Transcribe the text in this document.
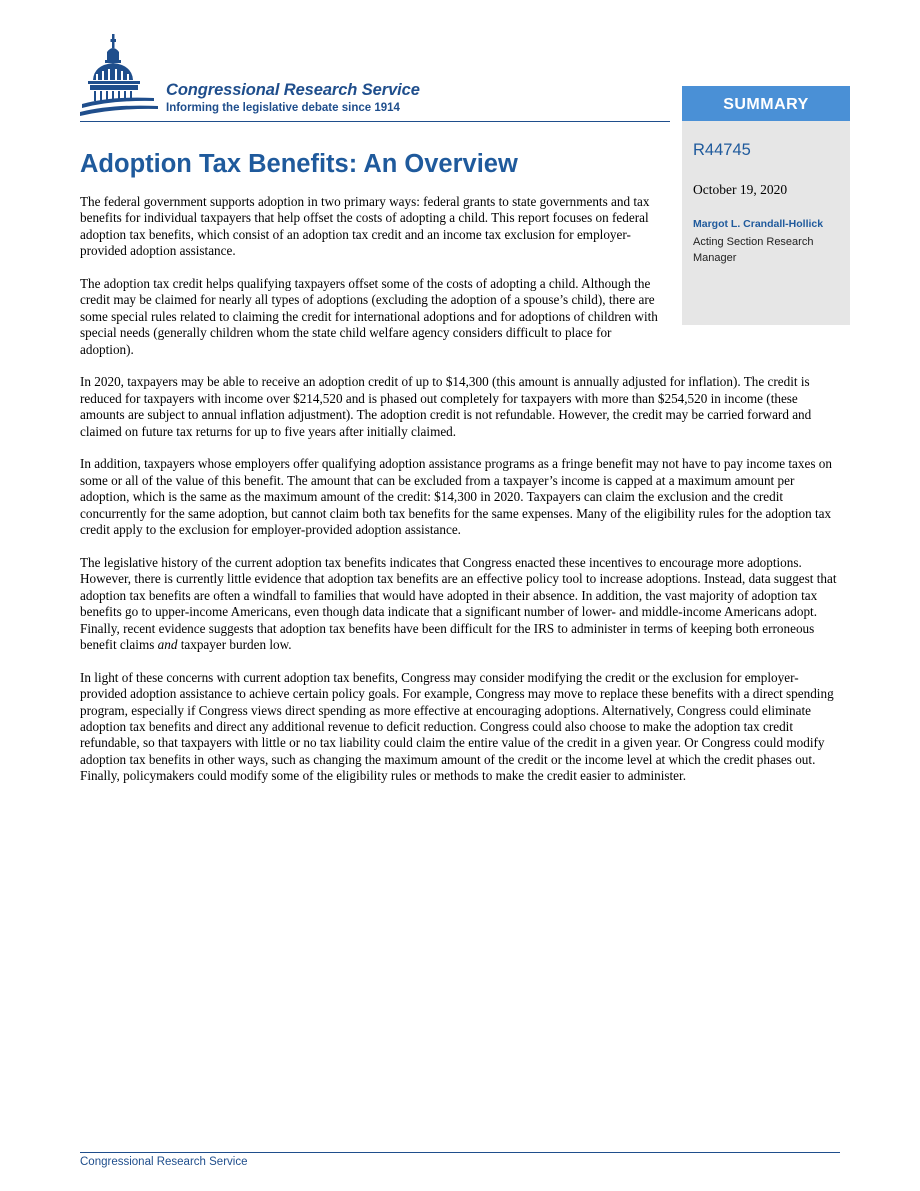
Congressional Research Service
Informing the legislative debate since 1914	SUMMARY
R44745
October 19, 2020
Margot L. Crandall-Hollick
Acting Section Research Manager
Adoption Tax Benefits: An Overview

The federal government supports adoption in two primary ways: federal grants to state governments and tax benefits for individual taxpayers that help offset the costs of adopting a child. This report focuses on federal adoption tax benefits, which consist of an adoption tax credit and an income tax exclusion for employer-provided adoption assistance.

The adoption tax credit helps qualifying taxpayers offset some of the costs of adopting a child. Although the credit may be claimed for nearly all types of adoptions (excluding the adoption of a spouse’s child), there are some special rules related to claiming the credit for international adoptions and for adoptions of children with special needs (generally children whom the state child welfare agency considers difficult to place for adoption).

In 2020, taxpayers may be able to receive an adoption credit of up to $14,300 (this amount is annually adjusted for inflation). The credit is reduced for taxpayers with income over $214,520 and is phased out completely for taxpayers with more than $254,520 in income (these amounts are subject to annual inflation adjustment). The adoption credit is not refundable. However, the credit may be carried forward and claimed on future tax returns for up to five years after initially claimed.

In addition, taxpayers whose employers offer qualifying adoption assistance programs as a fringe benefit may not have to pay income taxes on some or all of the value of this benefit. The amount that can be excluded from a taxpayer’s income is capped at a maximum amount per adoption, which is the same as the maximum amount of the credit: $14,300 in 2020. Taxpayers can claim the exclusion and the credit concurrently for the same adoption, but cannot claim both tax benefits for the same expenses. Many of the eligibility rules for the adoption tax credit apply to the exclusion for employer-provided adoption assistance.

The legislative history of the current adoption tax benefits indicates that Congress enacted these incentives to encourage more adoptions. However, there is currently little evidence that adoption tax benefits are an effective policy tool to increase adoptions. Instead, data suggest that adoption tax benefits are often a windfall to families that would have adopted in their absence. In addition, the vast majority of adoption tax benefits go to upper-income Americans, even though data indicate that a significant number of lower- and middle-income Americans adopt. Finally, recent evidence suggests that adoption tax benefits have been difficult for the IRS to administer in terms of keeping both erroneous benefit claims and taxpayer burden low.

In light of these concerns with current adoption tax benefits, Congress may consider modifying the credit or the exclusion for employer-provided adoption assistance to achieve certain policy goals. For example, Congress may move to replace these benefits with a direct spending program, especially if Congress views direct spending as more effective at encouraging adoptions. Alternatively, Congress could eliminate adoption tax benefits and direct any additional revenue to deficit reduction. Congress could also choose to make the adoption tax credit refundable, so that taxpayers with little or no tax liability could claim the entire value of the credit in a given year. Or Congress could modify adoption tax benefits in other ways, such as changing the maximum amount of the credit or the income level at which the credit phases out. Finally, policymakers could modify some of the eligibility rules or methods to make the credit easier to administer.

Congressional Research Service
